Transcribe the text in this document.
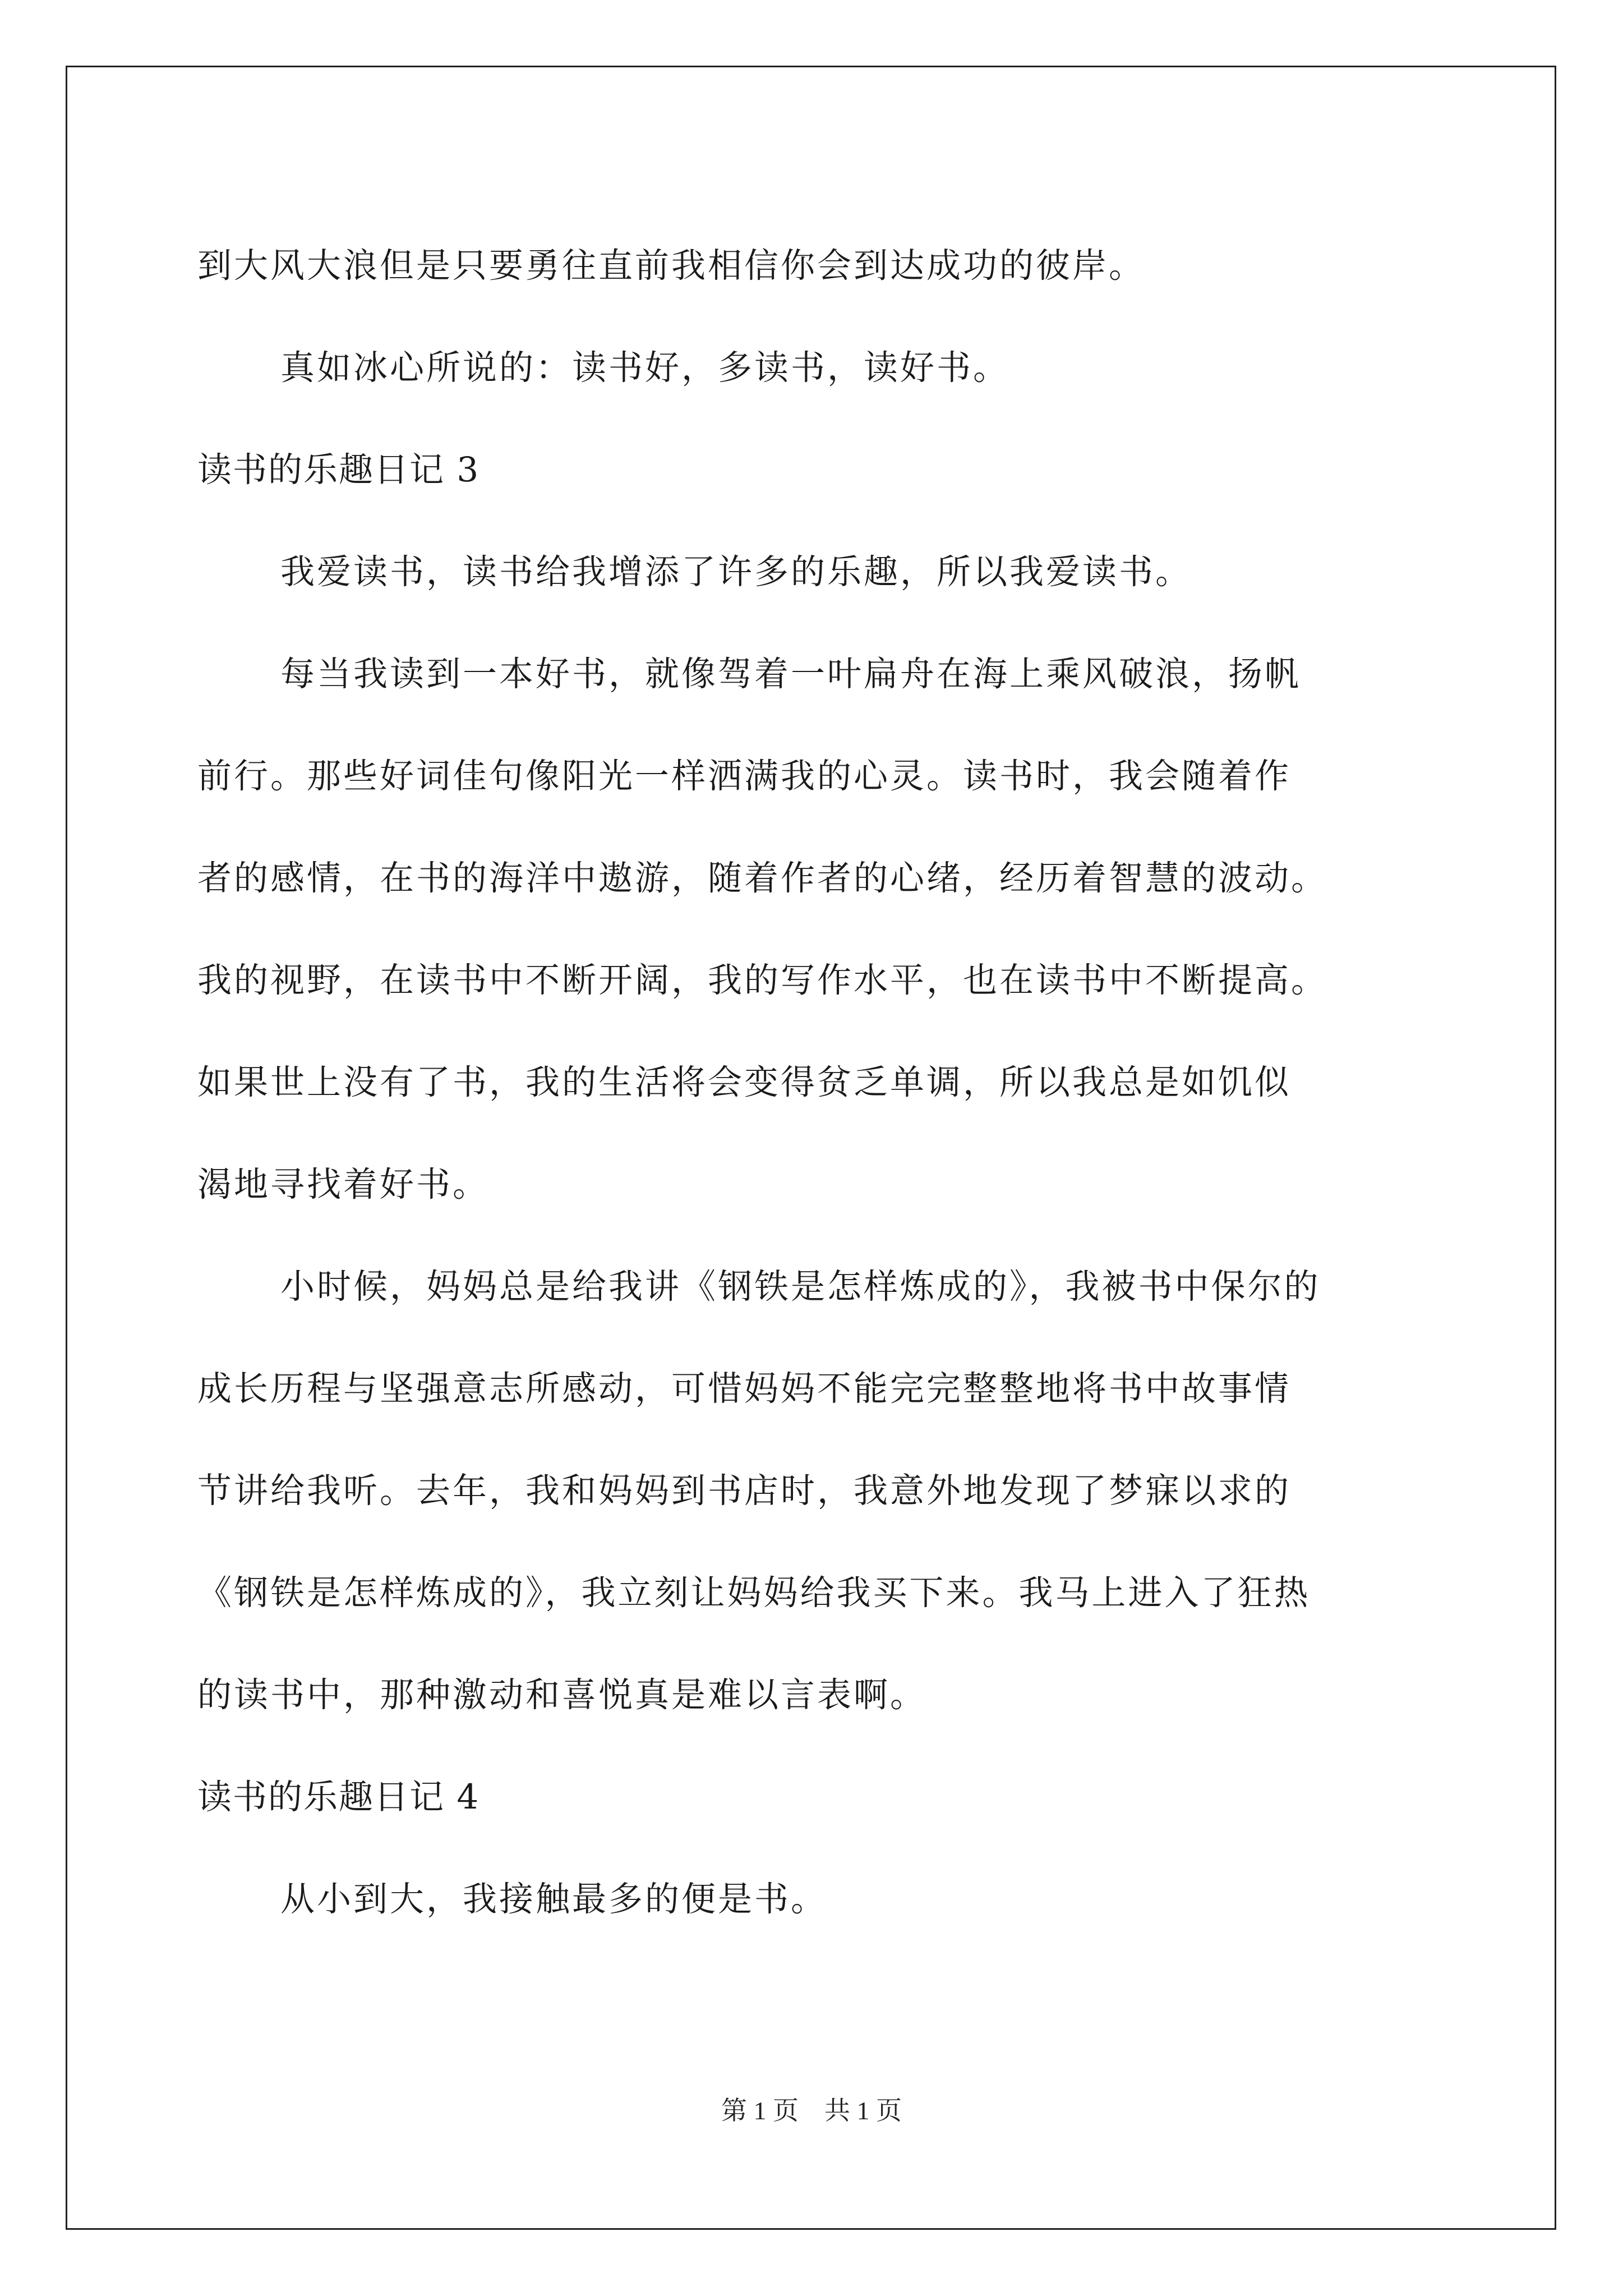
到大风大浪但是只要勇往直前我相信你会到达成功的彼岸。
真如冰心所说的：读书好，多读书，读好书。
读书的乐趣日记 3
我爱读书，读书给我增添了许多的乐趣，所以我爱读书。
每当我读到一本好书，就像驾着一叶扁舟在海上乘风破浪，扬帆
前行。那些好词佳句像阳光一样洒满我的心灵。读书时，我会随着作
者的感情，在书的海洋中遨游，随着作者的心绪，经历着智慧的波动。
我的视野，在读书中不断开阔，我的写作水平，也在读书中不断提高。
如果世上没有了书，我的生活将会变得贫乏单调，所以我总是如饥似
渴地寻找着好书。
小时候，妈妈总是给我讲《钢铁是怎样炼成的》，我被书中保尔的
成长历程与坚强意志所感动，可惜妈妈不能完完整整地将书中故事情
节讲给我听。去年，我和妈妈到书店时，我意外地发现了梦寐以求的
《钢铁是怎样炼成的》，我立刻让妈妈给我买下来。我马上进入了狂热
的读书中，那种激动和喜悦真是难以言表啊。
读书的乐趣日记 4
从小到大，我接触最多的便是书。
第 1 页　共 1 页
